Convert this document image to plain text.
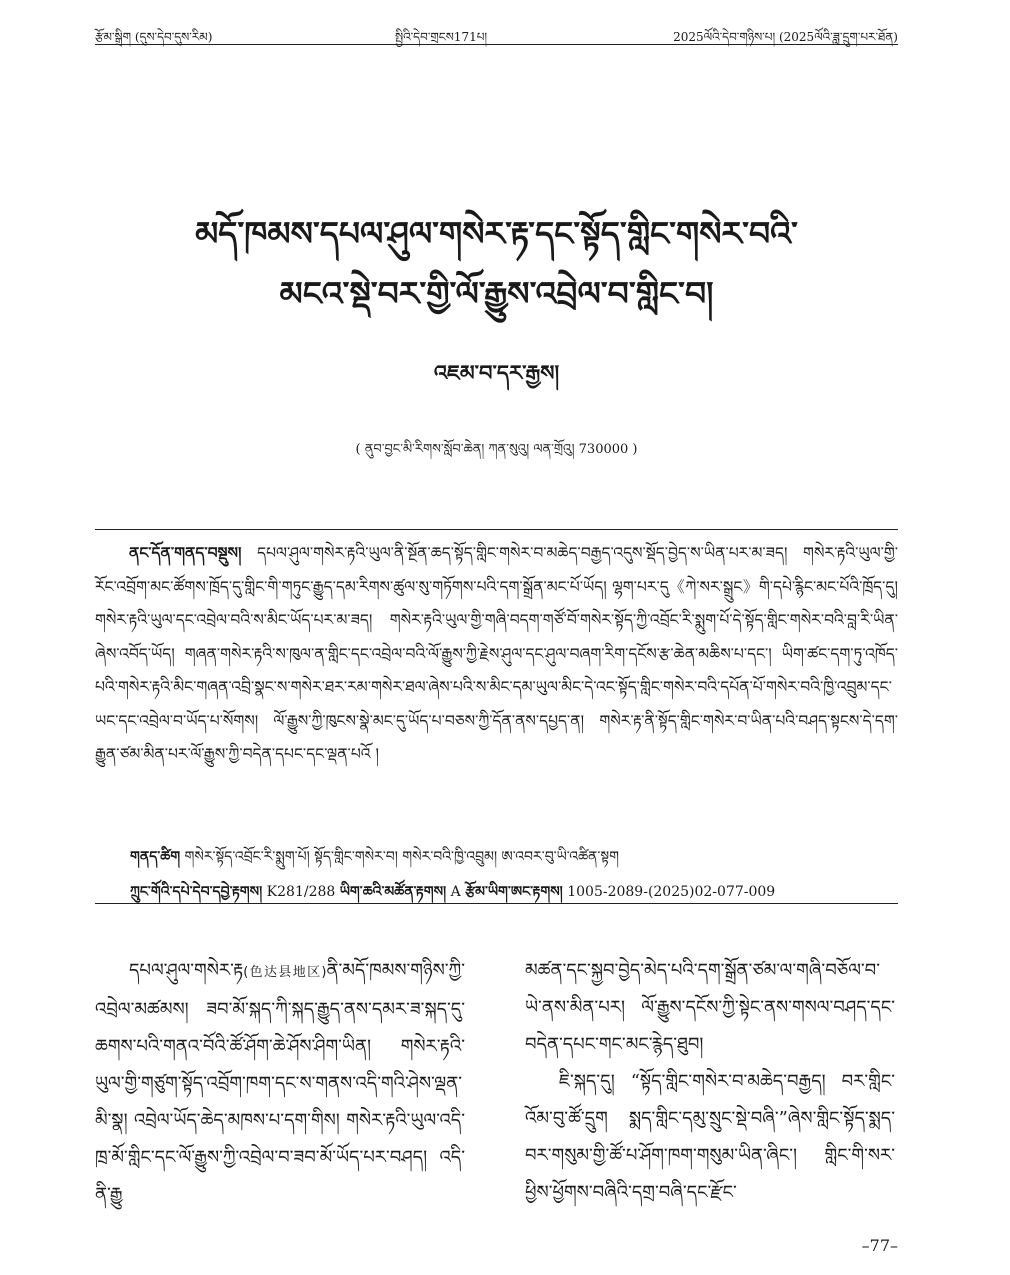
རྩོམ་སྒྲིག (དུས་དེབ་དུས་རིམ)	སྤྱིའི་དེབ་གྲངས171པ།	2025ལོའི་དེབ་གཉིས་པ། (2025ལོའི་ཟླ་དྲུག་པར་ཐོན)
མདོ་ཁམས་དཔལ་ཤུལ་གསེར་རྟ་དང་སྟོད་གླིང་གསེར་བའི་
མངའ་སྡེ་བར་གྱི་ལོ་རྒྱུས་འབྲེལ་བ་གླིང་བ།
འཇམ་བ་དར་རྒྱས།
( ནུབ་བྱང་མི་རིགས་སློབ་ཆེན། ཀན་སུའུ། ལན་གྲོའུ། 730000 )
ནང་དོན་གནད་བསྡུས། དཔལ་ཤུལ་གསེར་རྟའི་ཡུལ་ནི་སྔོན་ཆད་སྟོད་གླིང་གསེར་བ་མཆེད་བརྒྱད་འདུས་སྡོད་བྱེད་ས་ཡིན་པར་མ་ཟད། གསེར་རྟའི་ཡུལ་གྱི་རོང་འབྲོག་མང་ཚོགས་ཁྲོད་དུ་གླིང་གི་གཏུང་རྒྱུད་དམ་རིགས་ཚུལ་སུ་གཏོགས་པའི་དག་སྒྲོན་མང་པོ་ཡོད། ལྷག་པར་དུ《ཀེ་སར་སྒྲུང》གི་དཔེ་རྙིང་མང་པོའི་ཁྲོད་དུ། གསེར་རྟའི་ཡུལ་དང་འབྲེལ་བའི་ས་མིང་ཡོད་པར་མ་ཟད། གསེར་རྟའི་ཡུལ་གྱི་གཞི་བདག་གཙོ་བོ་གསེར་སྟོད་ཀྱི་འབྲོང་རི་སྨུག་པོ་དེ་སྟོད་གླིང་གསེར་བའི་བླ་རི་ཡིན་ཞེས་འབོད་ཡོད། གཞན་གསེར་རྟའི་ས་ཁུལ་ན་གླིང་དང་འབྲེལ་བའི་ལོ་རྒྱུས་ཀྱི་རྗེས་ཤུལ་དང་ཤུལ་བཞག་རིག་དངོས་རྩ་ཆེན་མཆིས་པ་དང་། ཡིག་ཚང་དག་ཏུ་འཁོད་པའི་གསེར་རྟའི་མིང་གཞན་འབྲི་སྣང་ས་གསེར་ཐར་རམ་གསེར་ཐལ་ཞེས་པའི་ས་མིང་དམ་ཡུལ་མིང་དེ་འང་སྟོད་གླིང་གསེར་བའི་དཔོན་པོ་གསེར་བའི་ཁྱི་འབྲུམ་དང་ཡང་དང་འབྲེལ་བ་ཡོད་པ་སོགས། ལོ་རྒྱུས་ཀྱི་ཁུངས་སྣེ་མང་དུ་ཡོད་པ་བཅས་ཀྱི་དོན་ནས་དཔྱད་ན། གསེར་རྟ་ནི་སྟོད་གླིང་གསེར་བ་ཡིན་པའི་བཤད་སྟངས་དེ་དག་རྒྱུན་ཙམ་མིན་པར་ལོ་རྒྱུས་ཀྱི་བདེན་དཔང་དང་ལྡན་པའོ །
གནད་ཚིག གསེར་སྟོད་འབྲོང་རི་སྨུག་པོ། སྟོད་གླིང་གསེར་བ། གསེར་བའི་ཁྱི་འབྲུམ། ཨ་འབར་བུ་ཡི་འཚིན་སྟག
ཀྲུང་གོའི་དཔེ་དེབ་དབྱེ་རྟགས། K281/288 ཡིག་ཆའི་མཚོན་རྟགས། A རྩོམ་ཡིག་ཨང་རྟགས། 1005-2089-(2025)02-077-009

དཔལ་ཤུལ་གསེར་རྟ(色达县地区)ནི་མདོ་ཁམས་གཉིས་ཀྱི་འབྲེལ་མཚམས། ཟབ་མོ་སྐད་ཀི་སྐད་རྒྱུད་ནས་དམར་ཟ་སྐད་དུ་ཆགས་པའི་གནའ་བོའི་ཚོ་ཤོག་ཆེ་ཤོས་ཤིག་ཡིན། གསེར་རྟའི་ཡུལ་གྱི་གཙུག་སྟོད་འབྲོག་ཁག་དང་ས་གནས་འདི་གའི་ཤེས་ལྡན་མི་སྣ། འབྲེལ་ཡོད་ཆེད་མཁས་པ་དག་གིས། གསེར་རྟའི་ཡུལ་འདི་ཁྲ་མོ་གླིང་དང་ལོ་རྒྱུས་ཀྱི་འབྲེལ་བ་ཟབ་མོ་ཡོད་པར་བཤད། འདི་ནི་རྒྱུ

མཚན་དང་སྐྱབ་བྱེད་མེད་པའི་དག་སྒྲོན་ཙམ་ལ་གཞི་བཅོལ་བ་ཡེ་ནས་མིན་པར། ལོ་རྒྱུས་དངོས་ཀྱི་སྟེང་ནས་གསལ་བཤད་དང་བདེན་དཔང་གང་མང་རྙེད་ཐུབ།

ཇི་སྐད་དུ། “སྟོད་གླིང་གསེར་བ་མཆེད་བརྒྱད། བར་གླིང་འོམ་བུ་ཚོ་དྲུག སྨད་གླིང་དམུ་སྲུང་སྡེ་བཞི་”ཞེས་གླིང་སྟོད་སྨད་བར་གསུམ་གྱི་ཚོ་པ་ཤོག་ཁག་གསུམ་ཡིན་ཞིང་། གླིང་གི་སར་ཕྱིས་ཕྱོགས་བཞིའི་དགྲ་བཞི་དང་རྫོང་

–77–
